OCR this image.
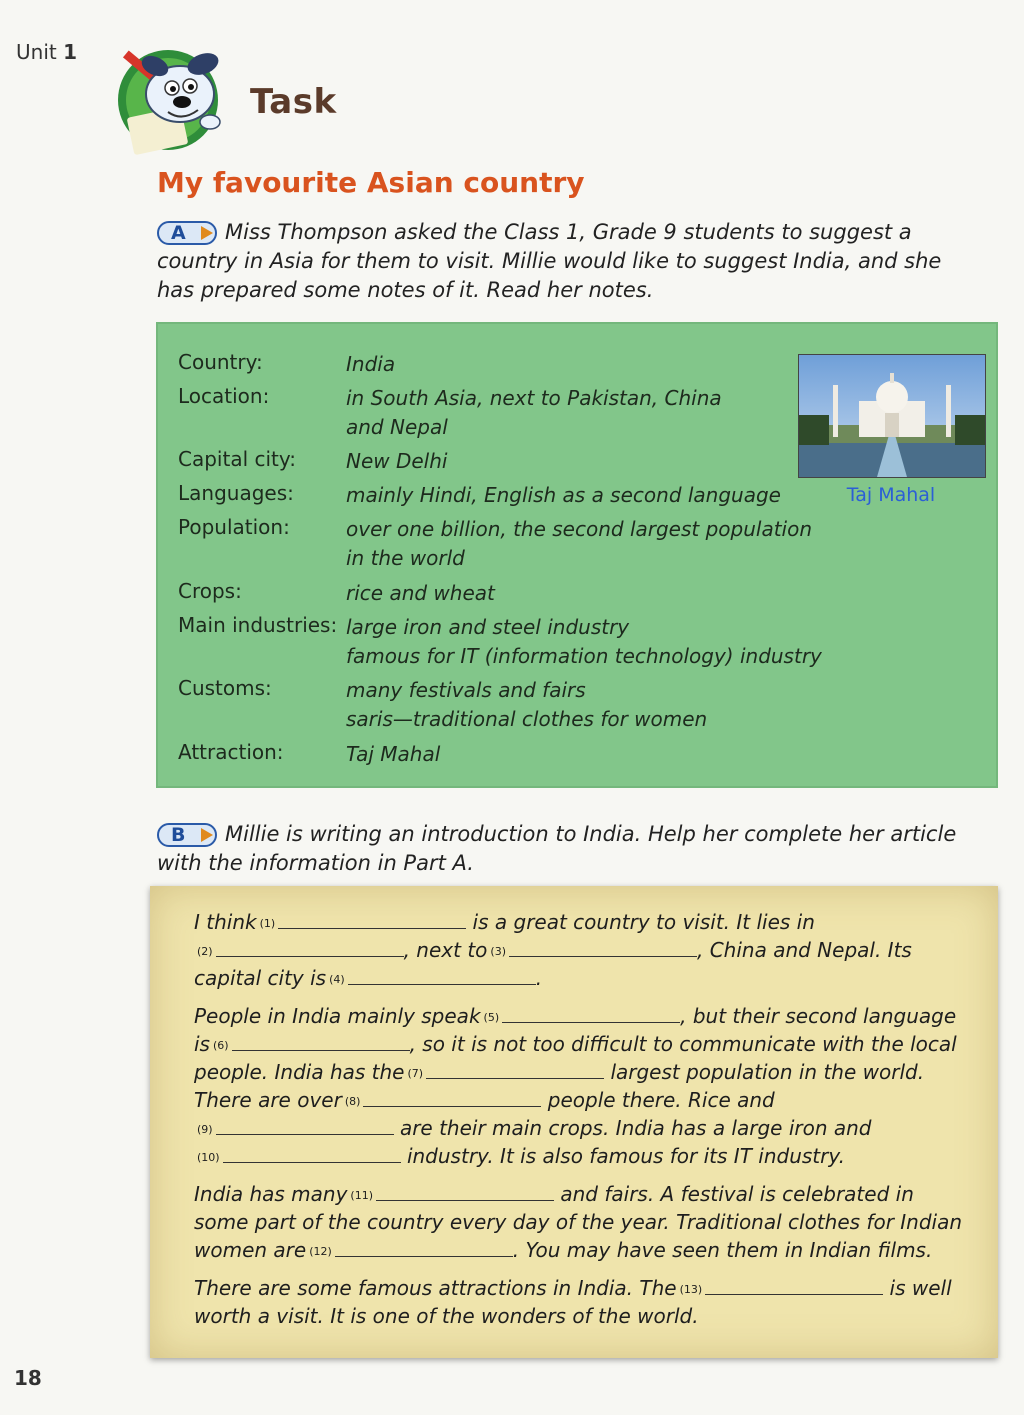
Unit 1
Task
My favourite Asian country
A Miss Thompson asked the Class 1, Grade 9 students to suggest a country in Asia for them to visit. Millie would like to suggest India, and she has prepared some notes of it. Read her notes.
Country:	India
Location:	in South Asia, next to Pakistan, China
and Nepal
Capital city:	New Delhi
Languages:	mainly Hindi, English as a second language
Population:	over one billion, the second largest population
in the world
Crops:	rice and wheat
Main industries: large iron and steel industry
famous for IT (information technology) industry
Customs:	many festivals and fairs
saris—traditional clothes for women
Attraction:	Taj Mahal
Taj Mahal
B Millie is writing an introduction to India. Help her complete her article with the information in Part A.
I think $^{(1)}$	is a great country to visit. It lies in
$^{(2)}$	, next to $^{(3)}$	, China and Nepal. Its
capital city is $^{(4)}$	.
People in India mainly speak $^{(5)}$	, but their second language
is $^{(6)}$	, so it is not too difficult to communicate with the local
people. India has the $^{(7)}$	largest population in the world.
There are over $^{(8)}$	people there. Rice and
$^{(9)}$	are their main crops. India has a large iron and
$^{(10)}$	industry. It is also famous for its IT industry.
India has many $^{(11)}$	and fairs. A festival is celebrated in
some part of the country every day of the year. Traditional clothes for Indian
women are $^{(12)}$	. You may have seen them in Indian films.
There are some famous attractions in India. The $^{(13)}$	is well
worth a visit. It is one of the wonders of the world.
18
